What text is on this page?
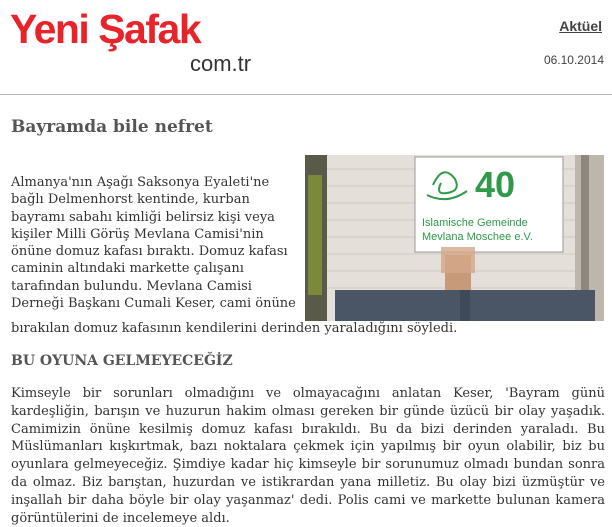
Yeni Şafak
com.tr
Aktüel
06.10.2014
Bayramda bile nefret
40
Islamische Gemeinde
Mevlana Moschee e.V.

Almanya'nın Aşağı Saksonya Eyaleti'ne bağlı Delmenhorst kentinde, kurban bayramı sabahı kimliği belirsiz kişi veya kişiler Milli Görüş Mevlana Camisi'nin önüne domuz kafası bıraktı. Domuz kafası caminin altındaki markette çalışanı tarafından bulundu. Mevlana Camisi Derneği Başkanı Cumali Keser, cami önüne

bırakılan domuz kafasının kendilerini derinden yaraladığını söyledi.

BU OYUNA GELMEYECEĞİZ

Kimseyle bir sorunları olmadığını ve olmayacağını anlatan Keser, 'Bayram günü kardeşliğin, barışın ve huzurun hakim olması gereken bir günde üzücü bir olay yaşadık. Camimizin önüne kesilmiş domuz kafası bırakıldı. Bu da bizi derinden yaraladı. Bu Müslümanları kışkırtmak, bazı noktalara çekmek için yapılmış bir oyun olabilir, biz bu oyunlara gelmeyeceğiz. Şimdiye kadar hiç kimseyle bir sorunumuz olmadı bundan sonra da olmaz. Biz barıştan, huzurdan ve istikrardan yana milletiz. Bu olay bizi üzmüştür ve inşallah bir daha böyle bir olay yaşanmaz' dedi. Polis cami ve markette bulunan kamera görüntülerini de incelemeye aldı.
